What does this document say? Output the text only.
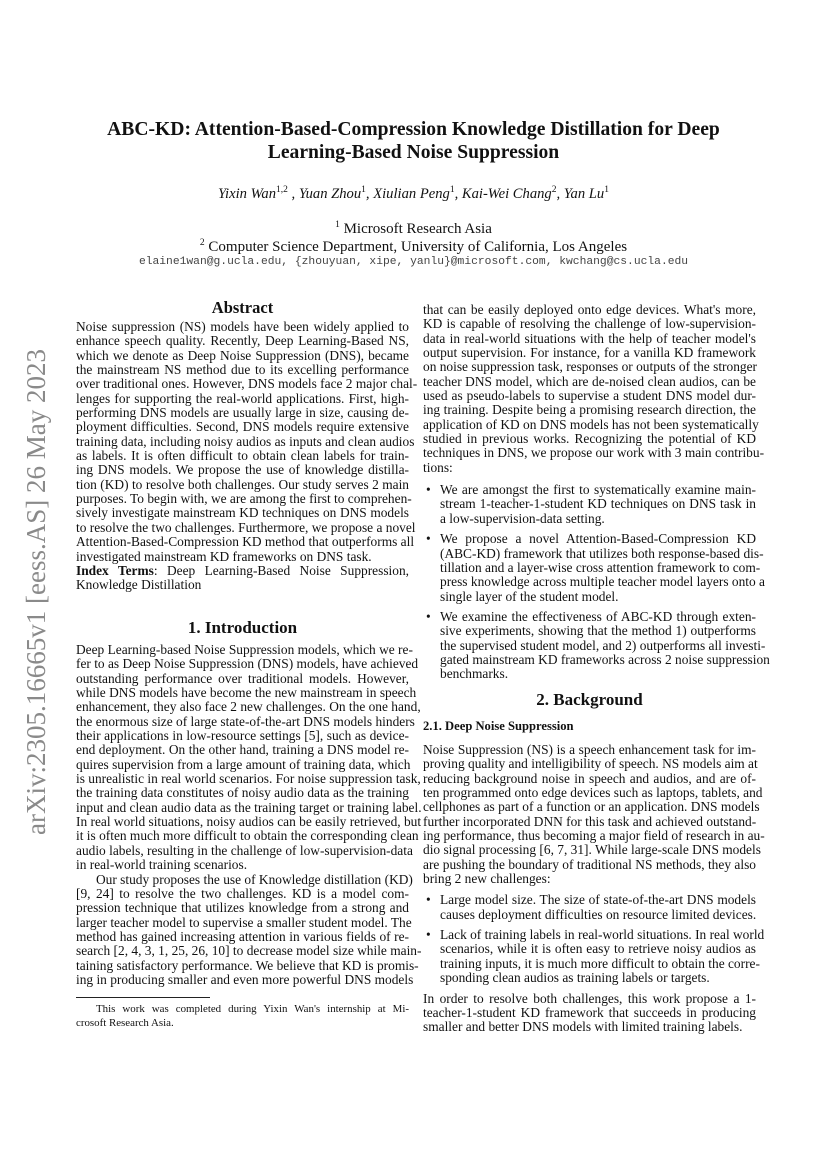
arXiv:2305.16665v1 [eess.AS] 26 May 2023
ABC-KD: Attention-Based-Compression Knowledge Distillation for Deep
Learning-Based Noise Suppression
Yixin Wan$^{1,2}$ , Yuan Zhou$^1$, Xiulian Peng$^1$, Kai-Wei Chang$^2$, Yan Lu$^1$
$^1$ Microsoft Research Asia
$^2$ Computer Science Department, University of California, Los Angeles
elaine1wan@g.ucla.edu, {zhouyuan, xipe, yanlu}@microsoft.com, kwchang@cs.ucla.edu
Abstract
Noise suppression (NS) models have been widely applied to
enhance speech quality. Recently, Deep Learning-Based NS,
which we denote as Deep Noise Suppression (DNS), became
the mainstream NS method due to its excelling performance
over traditional ones. However, DNS models face 2 major chal-
lenges for supporting the real-world applications. First, high-
performing DNS models are usually large in size, causing de-
ployment difficulties. Second, DNS models require extensive
training data, including noisy audios as inputs and clean audios
as labels. It is often difficult to obtain clean labels for train-
ing DNS models. We propose the use of knowledge distilla-
tion (KD) to resolve both challenges. Our study serves 2 main
purposes. To begin with, we are among the first to comprehen-
sively investigate mainstream KD techniques on DNS models
to resolve the two challenges. Furthermore, we propose a novel
Attention-Based-Compression KD method that outperforms all
investigated mainstream KD frameworks on DNS task.
Index Terms: Deep Learning-Based Noise Suppression,
Knowledge Distillation
1. Introduction
Deep Learning-based Noise Suppression models, which we re-
fer to as Deep Noise Suppression (DNS) models, have achieved
outstanding performance over traditional models. However,
while DNS models have become the new mainstream in speech
enhancement, they also face 2 new challenges. On the one hand,
the enormous size of large state-of-the-art DNS models hinders
their applications in low-resource settings [5], such as device-
end deployment. On the other hand, training a DNS model re-
quires supervision from a large amount of training data, which
is unrealistic in real world scenarios. For noise suppression task,
the training data constitutes of noisy audio data as the training
input and clean audio data as the training target or training label.
In real world situations, noisy audios can be easily retrieved, but
it is often much more difficult to obtain the corresponding clean
audio labels, resulting in the challenge of low-supervision-data
in real-world training scenarios.
Our study proposes the use of Knowledge distillation (KD)
[9, 24] to resolve the two challenges. KD is a model com-
pression technique that utilizes knowledge from a strong and
larger teacher model to supervise a smaller student model. The
method has gained increasing attention in various fields of re-
search [2, 4, 3, 1, 25, 26, 10] to decrease model size while main-
taining satisfactory performance. We believe that KD is promis-
ing in producing smaller and even more powerful DNS models
This work was completed during Yixin Wan's internship at Mi-
crosoft Research Asia.
that can be easily deployed onto edge devices. What's more,
KD is capable of resolving the challenge of low-supervision-
data in real-world situations with the help of teacher model's
output supervision. For instance, for a vanilla KD framework
on noise suppression task, responses or outputs of the stronger
teacher DNS model, which are de-noised clean audios, can be
used as pseudo-labels to supervise a student DNS model dur-
ing training. Despite being a promising research direction, the
application of KD on DNS models has not been systematically
studied in previous works. Recognizing the potential of KD
techniques in DNS, we propose our work with 3 main contribu-
tions:
• We are amongst the first to systematically examine main-
stream 1-teacher-1-student KD techniques on DNS task in
a low-supervision-data setting.
• We propose a novel Attention-Based-Compression KD
(ABC-KD) framework that utilizes both response-based dis-
tillation and a layer-wise cross attention framework to com-
press knowledge across multiple teacher model layers onto a
single layer of the student model.
• We examine the effectiveness of ABC-KD through exten-
sive experiments, showing that the method 1) outperforms
the supervised student model, and 2) outperforms all investi-
gated mainstream KD frameworks across 2 noise suppression
benchmarks.
2. Background
2.1. Deep Noise Suppression
Noise Suppression (NS) is a speech enhancement task for im-
proving quality and intelligibility of speech. NS models aim at
reducing background noise in speech and audios, and are of-
ten programmed onto edge devices such as laptops, tablets, and
cellphones as part of a function or an application. DNS models
further incorporated DNN for this task and achieved outstand-
ing performance, thus becoming a major field of research in au-
dio signal processing [6, 7, 31]. While large-scale DNS models
are pushing the boundary of traditional NS methods, they also
bring 2 new challenges:
• Large model size. The size of state-of-the-art DNS models
causes deployment difficulties on resource limited devices.
• Lack of training labels in real-world situations. In real world
scenarios, while it is often easy to retrieve noisy audios as
training inputs, it is much more difficult to obtain the corre-
sponding clean audios as training labels or targets.
In order to resolve both challenges, this work propose a 1-
teacher-1-student KD framework that succeeds in producing
smaller and better DNS models with limited training labels.
